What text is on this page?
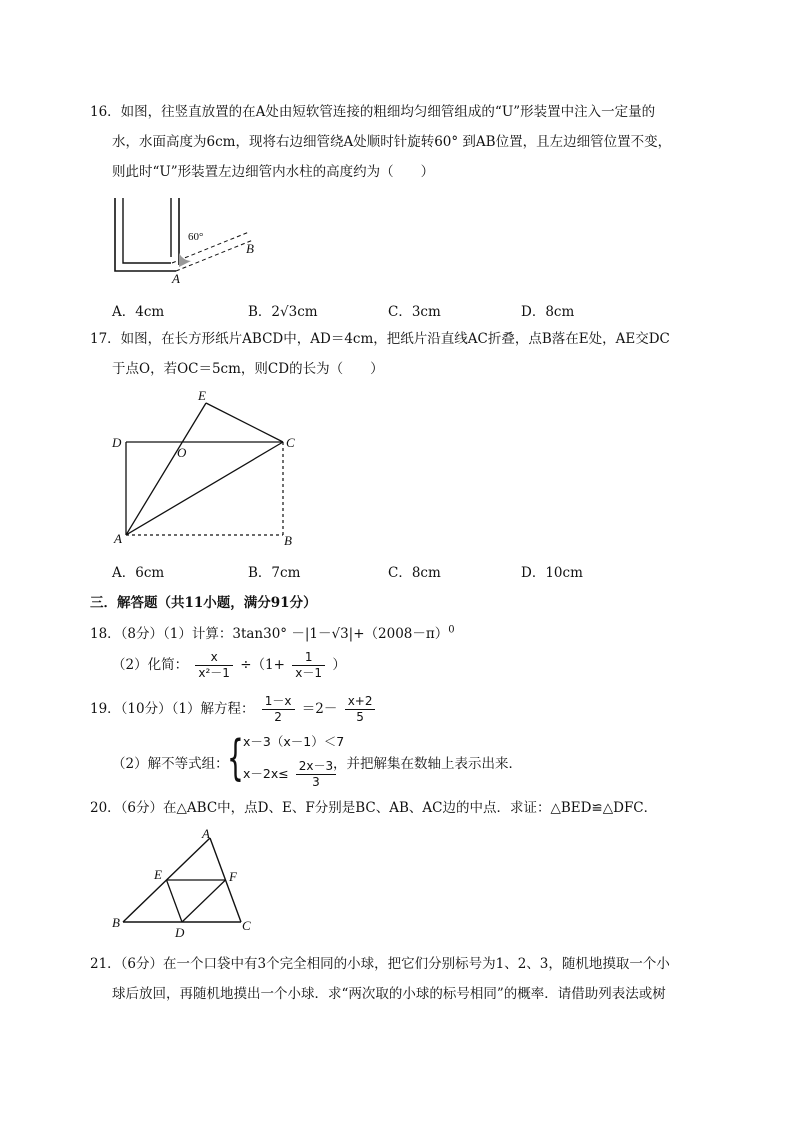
16．如图，往竖直放置的在A处由短软管连接的粗细均匀细管组成的“U”形装置中注入一定量的
水，水面高度为6cm，现将右边细管绕A处顺时针旋转60° 到AB位置，且左边细管位置不变，
则此时“U”形装置左边细管内水柱的高度约为（　　）
60°
B
A
A．4cm	B．2√3cm	C．3cm	D．8cm
17．如图，在长方形纸片ABCD中，AD＝4cm，把纸片沿直线AC折叠，点B落在E处，AE交DC
于点O，若OC＝5cm，则CD的长为（　　）
E
D
O
C
A	B
A．6cm	B．7cm	C．8cm	D．10cm
三．解答题（共11小题，满分91分）
18．（8分）（1）计算：$3\tan 30^\circ -|1-√3|+(2008-\pi)^0$
（2）化简： $\frac{x}{\text{x²－1}} \div(1+ \frac{1}{x-1}$ ）
19．（10分）（1）解方程： $\frac{1-x}{2} =2- \frac{x+2}{5}$
（2）解不等式组：
{ x－3（x－1）＜7
$x-2x\le \frac{2x-3}{3}$
，并把解集在数轴上表示出来．
20．（6分）在△ABC中，点D、E、F分别是BC、AB、AC边的中点．求证：△BED≌△DFC．
A
E	F
B
D	C
21．（6分）在一个口袋中有3个完全相同的小球，把它们分别标号为1、2、3，随机地摸取一个小
球后放回，再随机地摸出一个小球．求“两次取的小球的标号相同”的概率．请借助列表法或树
